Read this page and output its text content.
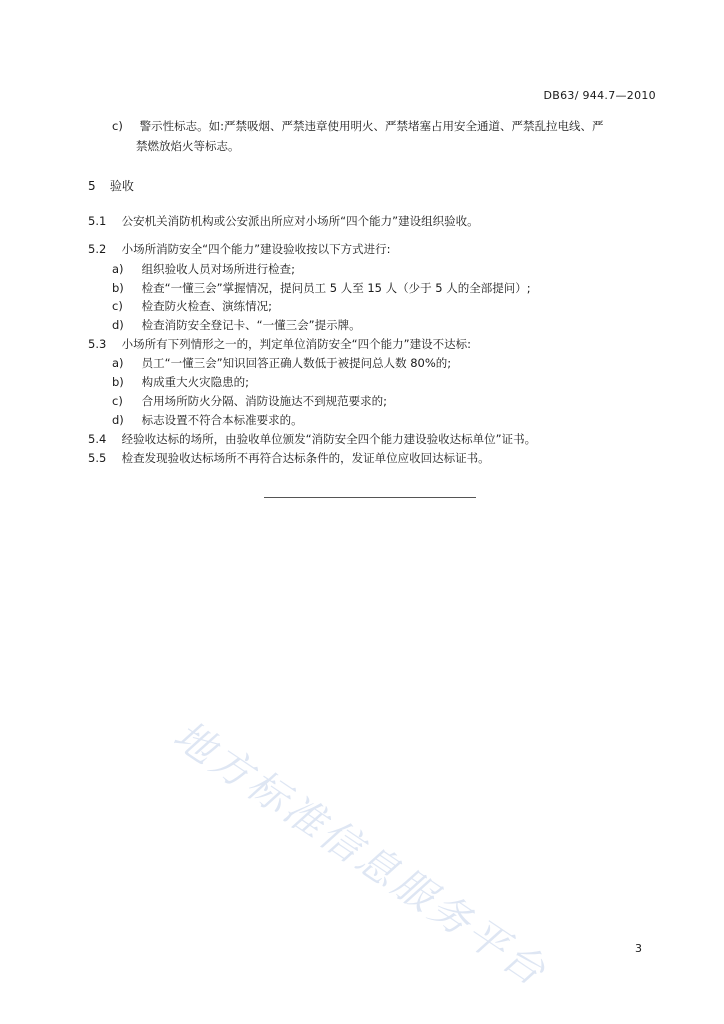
DB63/ 944.7—2010
c) 警示性标志。如:严禁吸烟、严禁违章使用明火、严禁堵塞占用安全通道、严禁乱拉电线、严
禁燃放焰火等标志。
5 验收
5.1 公安机关消防机构或公安派出所应对小场所“四个能力”建设组织验收。
5.2 小场所消防安全“四个能力”建设验收按以下方式进行:
a) 组织验收人员对场所进行检查;
b) 检查“一懂三会”掌握情况，提问员工 5 人至 15 人（少于 5 人的全部提问）;
c) 检查防火检查、演练情况;
d) 检查消防安全登记卡、“一懂三会”提示牌。
5.3 小场所有下列情形之一的，判定单位消防安全“四个能力”建设不达标:
a) 员工“一懂三会”知识回答正确人数低于被提问总人数 80%的;
b) 构成重大火灾隐患的;
c) 合用场所防火分隔、消防设施达不到规范要求的;
d) 标志设置不符合本标准要求的。
5.4 经验收达标的场所，由验收单位颁发“消防安全四个能力建设验收达标单位”证书。
5.5 检查发现验收达标场所不再符合达标条件的，发证单位应收回达标证书。
地方标准信息服务平台	3
